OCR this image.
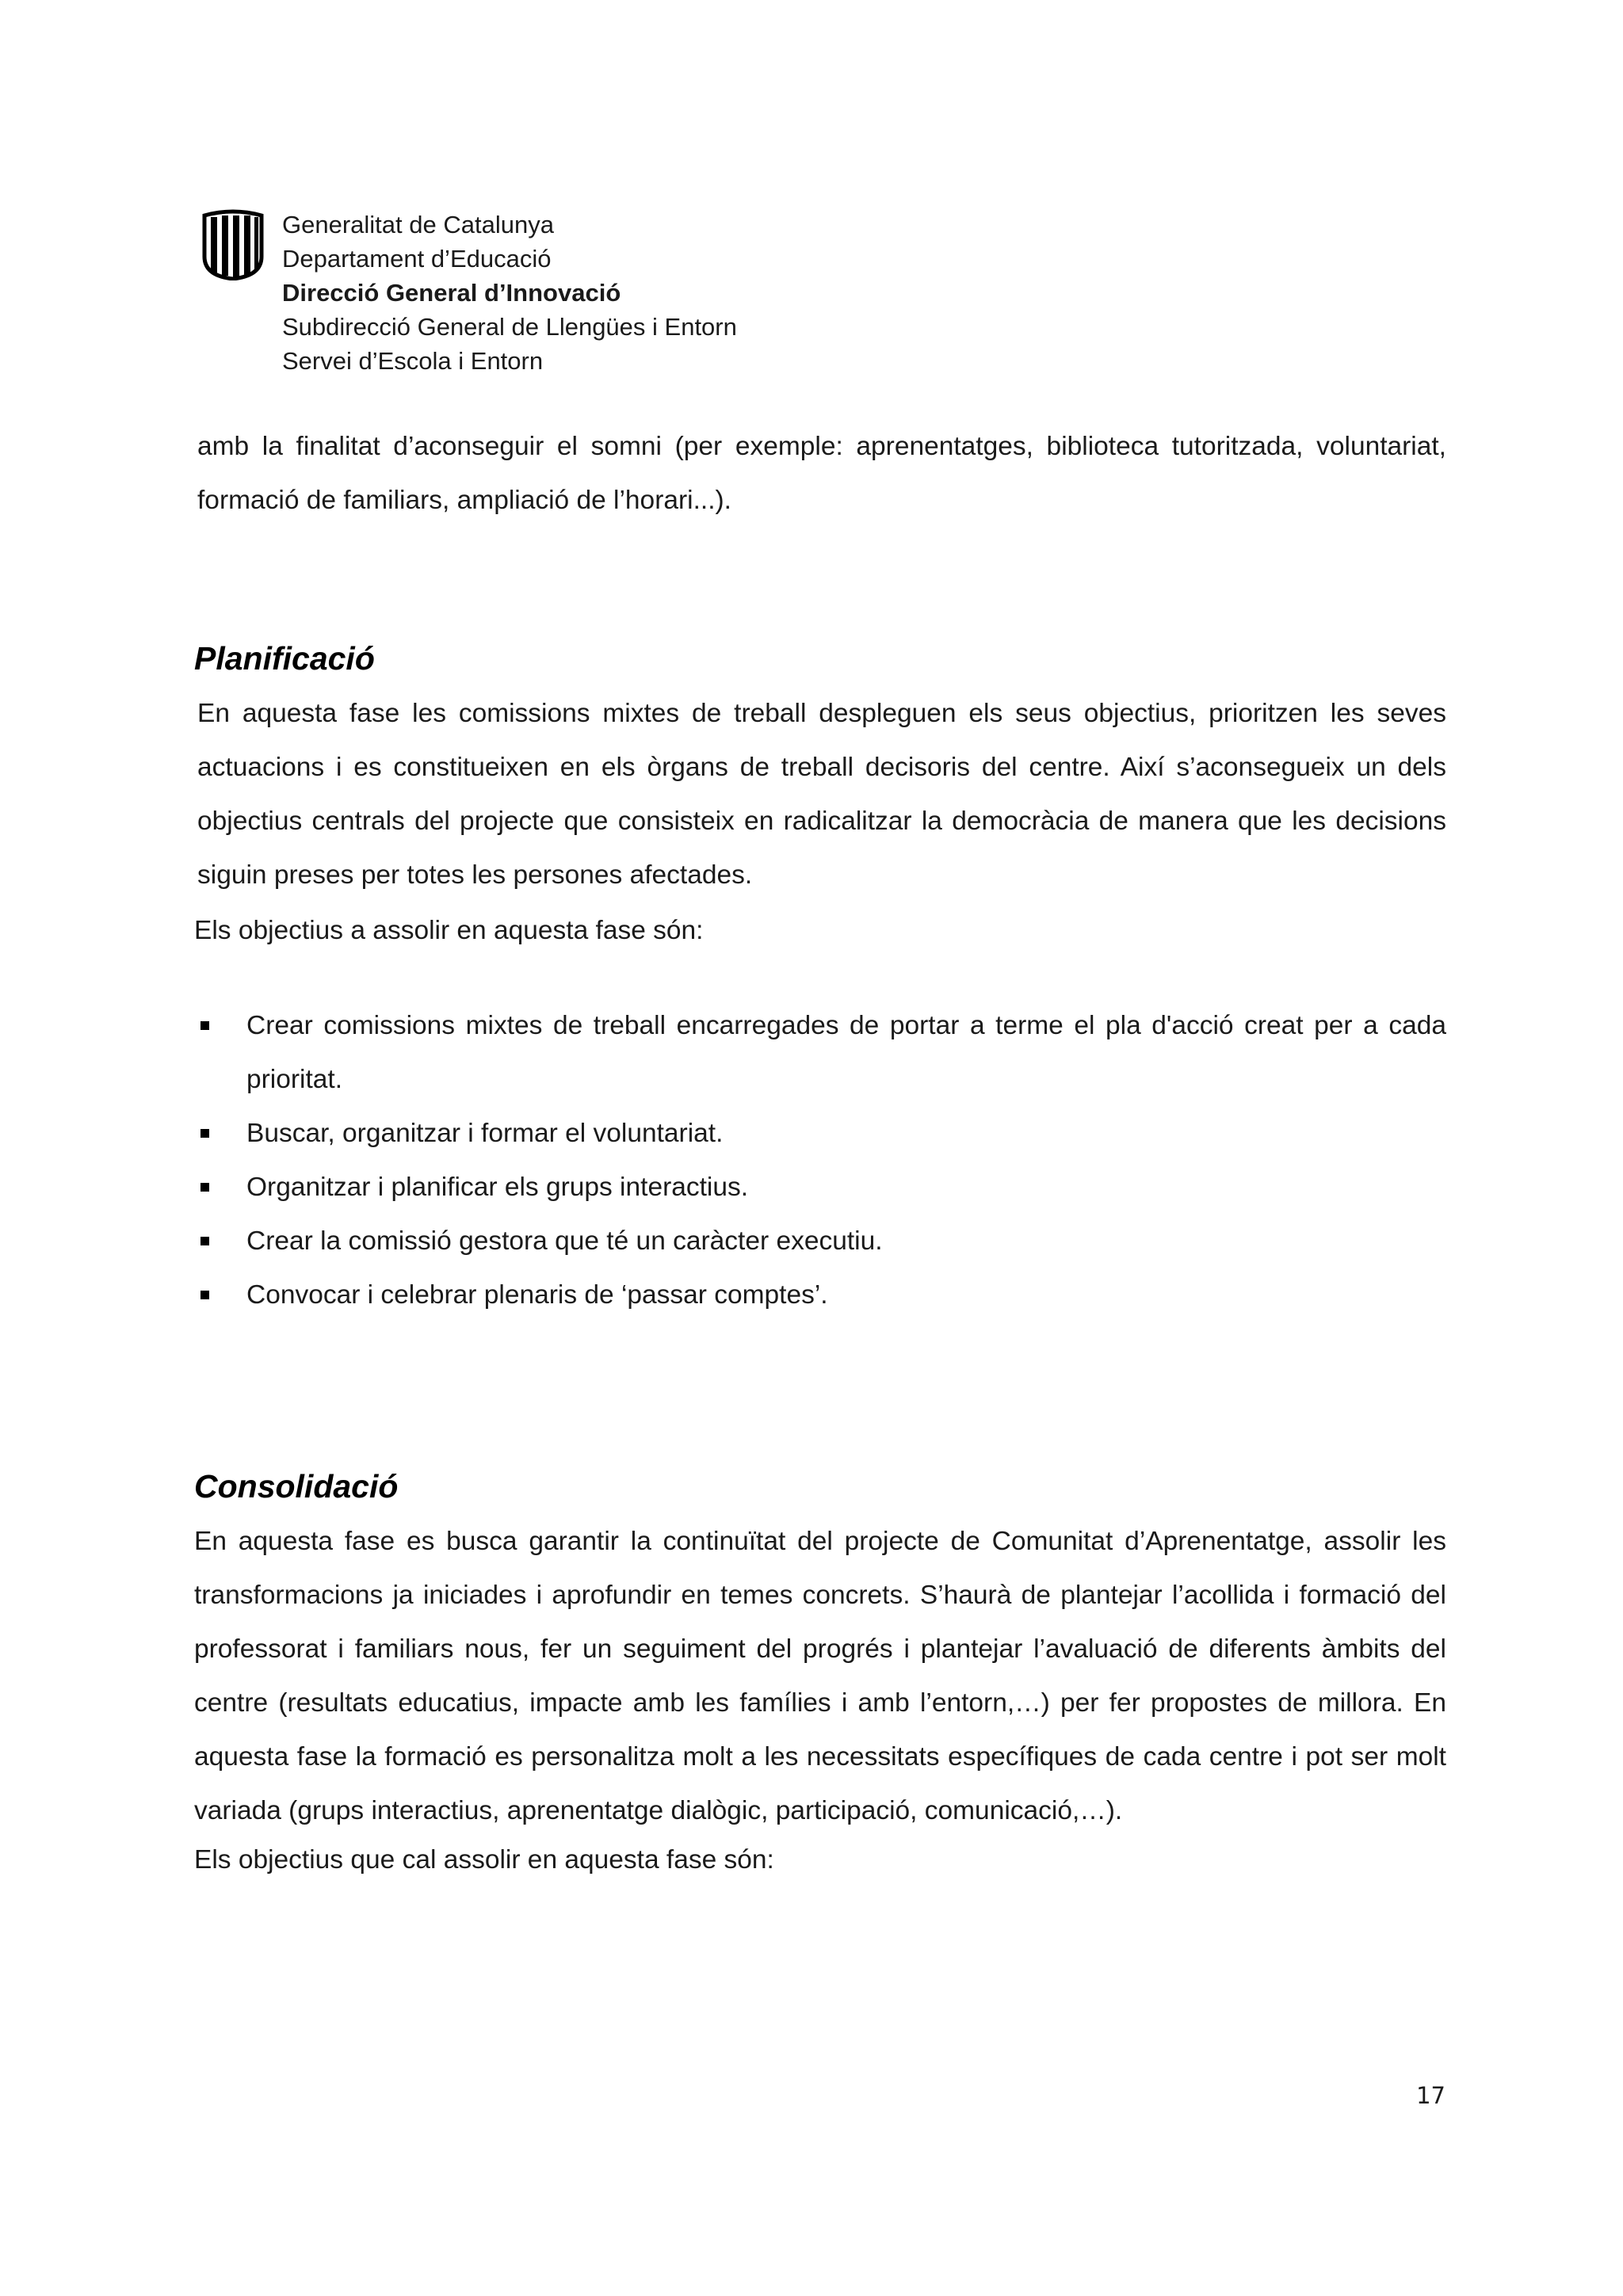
Generalitat de Catalunya
Departament d’Educació
Direcció General d’Innovació
Subdirecció General de Llengües i Entorn
Servei d’Escola i Entorn

amb la finalitat d’aconseguir el somni (per exemple: aprenentatges, biblioteca tutoritzada, voluntariat, formació de familiars, ampliació de l’horari...).

Planificació

En aquesta fase les comissions mixtes de treball despleguen els seus objectius, prioritzen les seves actuacions i es constitueixen en els òrgans de treball decisoris del centre. Així s’aconsegueix un dels objectius centrals del projecte que consisteix en radicalitzar la democràcia de manera que les decisions siguin preses per totes les persones afectades.

Els objectius a assolir en aquesta fase són:

Crear comissions mixtes de treball encarregades de portar a terme el pla d'acció creat per a cada prioritat.
Buscar, organitzar i formar el voluntariat.
Organitzar i planificar els grups interactius.
Crear la comissió gestora que té un caràcter executiu.
Convocar i celebrar plenaris de ‘passar comptes’.
Consolidació

En aquesta fase es busca garantir la continuïtat del projecte de Comunitat d’Aprenentatge, assolir les transformacions ja iniciades i aprofundir en temes concrets. S’haurà de plantejar l’acollida i formació del professorat i familiars nous, fer un seguiment del progrés i plantejar l’avaluació de diferents àmbits del centre (resultats educatius, impacte amb les famílies i amb l’entorn,…) per fer propostes de millora. En aquesta fase la formació es personalitza molt a les necessitats específiques de cada centre i pot ser molt variada (grups interactius, aprenentatge dialògic, participació, comunicació,…).

Els objectius que cal assolir en aquesta fase són:

17
